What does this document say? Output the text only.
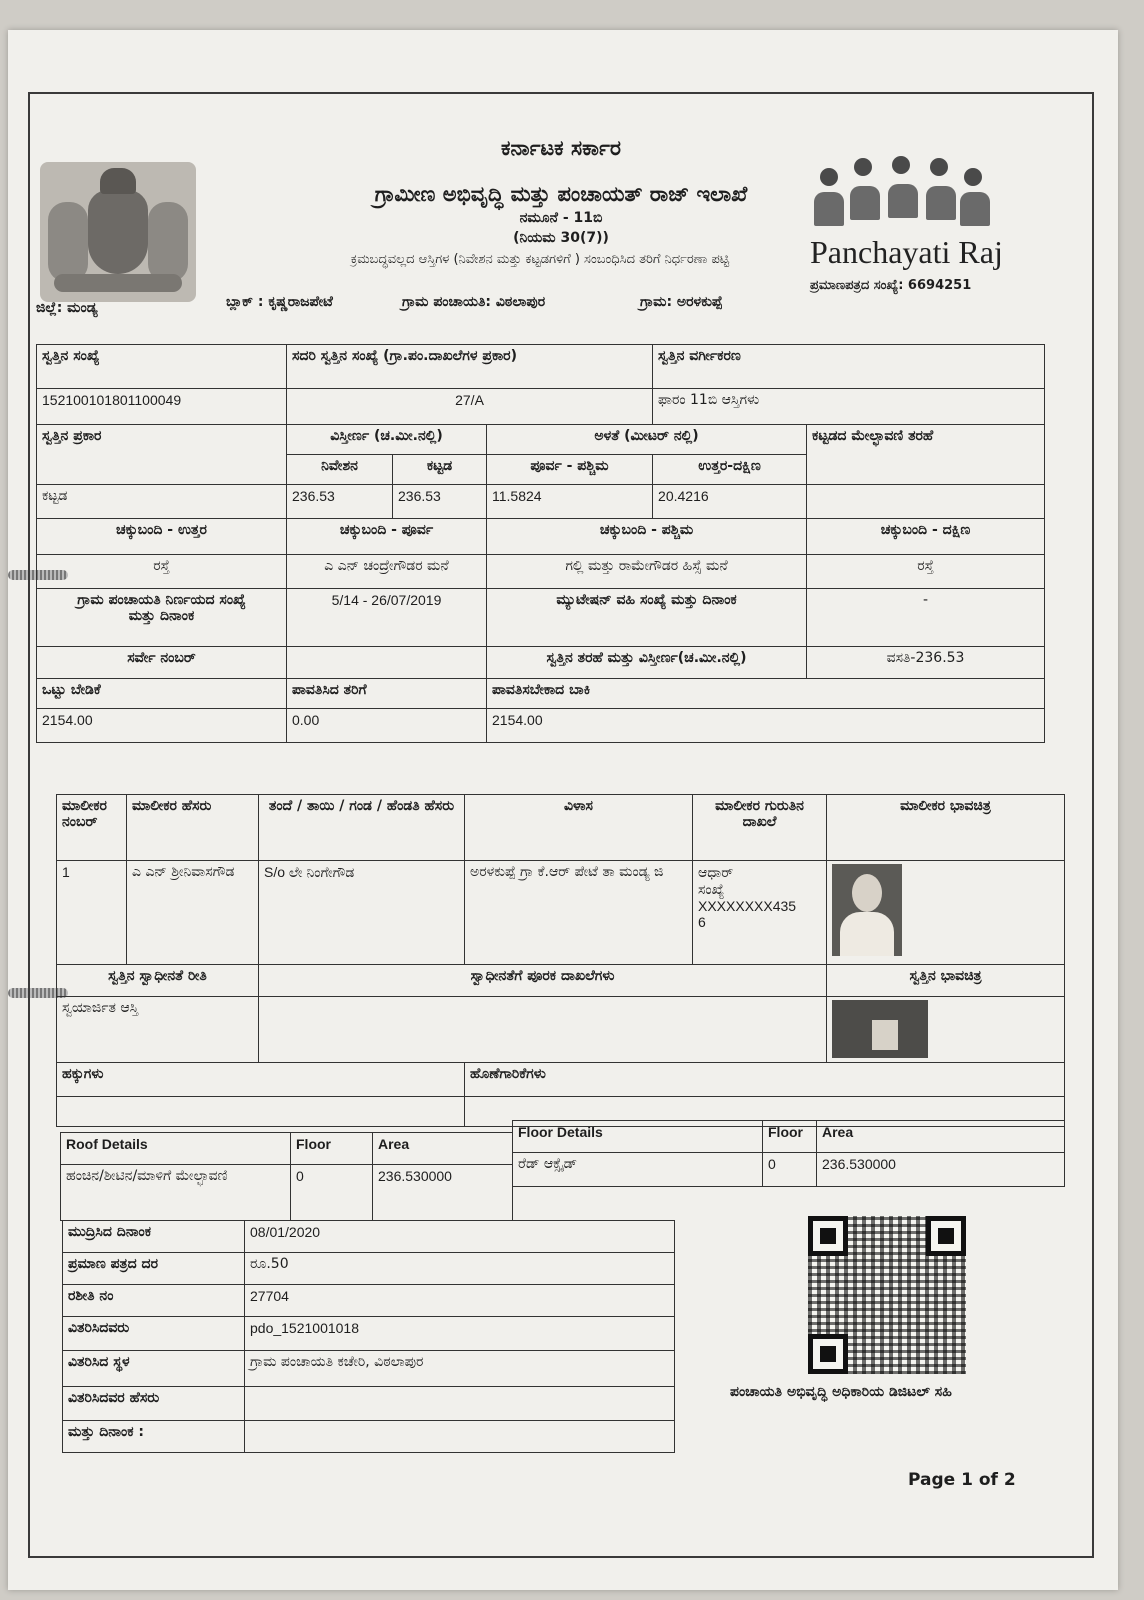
ಕರ್ನಾಟಕ ಸರ್ಕಾರ
ಗ್ರಾಮೀಣ ಅಭಿವೃದ್ಧಿ ಮತ್ತು ಪಂಚಾಯತ್ ರಾಜ್ ಇಲಾಖೆ
ನಮೂನೆ - 11ಬಿ
(ನಿಯಮ 30(7))
ಕ್ರಮಬದ್ಧವಲ್ಲದ ಆಸ್ತಿಗಳ (ನಿವೇಶನ ಮತ್ತು ಕಟ್ಟಡಗಳಿಗೆ ) ಸಂಬಂಧಿಸಿದ ತರಿಗೆ ನಿರ್ಧರಣಾ ಪಟ್ಟಿ	Panchayati Raj
ಪ್ರಮಾಣಪತ್ರದ ಸಂಖ್ಯೆ: 6694251
ಜಿಲ್ಲೆ: ಮಂಡ್ಯ	ಬ್ಲಾಕ್ : ಕೃಷ್ಣರಾಜಪೇಟೆ	ಗ್ರಾಮ ಪಂಚಾಯತಿ: ವಿಠಲಾಪುರ	ಗ್ರಾಮ: ಅರಳಕುಪ್ಪೆ
ಸ್ವತ್ತಿನ ಸಂಖ್ಯೆ	ಸದರಿ ಸ್ವತ್ತಿನ ಸಂಖ್ಯೆ (ಗ್ರಾ.ಪಂ.ದಾಖಲೆಗಳ ಪ್ರಕಾರ)			ಸ್ವತ್ತಿನ ವರ್ಗೀಕರಣ	
152100101801100049	27/A			ಫಾರಂ 11ಬಿ ಆಸ್ತಿಗಳು	
ಸ್ವತ್ತಿನ ಪ್ರಕಾರ	ವಿಸ್ತೀರ್ಣ (ಚ.ಮೀ.ನಲ್ಲಿ)		ಅಳತೆ (ಮೀಟರ್ ನಲ್ಲಿ)		ಕಟ್ಟಡದ ಮೇಲ್ಛಾವಣಿ ತರಹೆ
	ನಿವೇಶನ	ಕಟ್ಟಡ	ಪೂರ್ವ - ಪಶ್ಚಿಮ	ಉತ್ತರ-ದಕ್ಷಿಣ	
ಕಟ್ಟಡ	236.53	236.53	11.5824	20.4216	
ಚಕ್ಕುಬಂದಿ - ಉತ್ತರ	ಚಕ್ಕುಬಂದಿ - ಪೂರ್ವ		ಚಕ್ಕುಬಂದಿ - ಪಶ್ಚಿಮ		ಚಕ್ಕುಬಂದಿ - ದಕ್ಷಿಣ
ರಸ್ತೆ	ಎ ಎನ್ ಚಂದ್ರೇಗೌಡರ ಮನೆ		ಗಲ್ಲಿ ಮತ್ತು ರಾಮೇಗೌಡರ ಹಿಸ್ಸೆ ಮನೆ		ರಸ್ತೆ

ಗ್ರಾಮ ಪಂಚಾಯತಿ ನಿರ್ಣಯದ ಸಂಖ್ಯೆ
ಮತ್ತು ದಿನಾಂಕ	5/14 - 26/07/2019		ಮ್ಯುಟೇಷನ್ ವಹಿ ಸಂಖ್ಯೆ ಮತ್ತು ದಿನಾಂಕ		-
ಸರ್ವೇ ನಂಬರ್			ಸ್ವತ್ತಿನ ತರಹೆ ಮತ್ತು ವಿಸ್ತೀರ್ಣ(ಚ.ಮೀ.ನಲ್ಲಿ)		ವಸತಿ-236.53
ಒಟ್ಟು ಬೇಡಿಕೆ	ಪಾವತಿಸಿದ ತರಿಗೆ		ಪಾವತಿಸಬೇಕಾದ ಬಾಕಿ		
2154.00	0.00		2154.00		
ಮಾಲೀಕರ ನಂಬರ್	ಮಾಲೀಕರ ಹೆಸರು	ತಂದೆ / ತಾಯಿ / ಗಂಡ / ಹೆಂಡತಿ ಹೆಸರು	ವಿಳಾಸ	ಮಾಲೀಕರ ಗುರುತಿನ ದಾಖಲೆ	ಮಾಲೀಕರ ಭಾವಚಿತ್ರ
1	ಎ ಎನ್ ಶ್ರೀನಿವಾಸಗೌಡ	S/o ಲೇ ನಿಂಗೇಗೌಡ	ಅರಳಕುಪ್ಪೆ ಗ್ರಾ ಕೆ.ಆರ್ ಪೇಟೆ ತಾ ಮಂಡ್ಯ ಜಿ	ಆಧಾರ್
ಸಂಖ್ಯೆ
XXXXXXXX435
6	

ಸ್ವತ್ತಿನ ಸ್ವಾಧೀನತೆ ರೀತಿ		ಸ್ವಾಧೀನತೆಗೆ ಪೂರಕ ದಾಖಲೆಗಳು			ಸ್ವತ್ತಿನ ಭಾವಚಿತ್ರ
ಸ್ವಯಾರ್ಜಿತ ಆಸ್ತಿ					

ಹಕ್ಕುಗಳು			ಹೊಣೆಗಾರಿಕೆಗಳು		

Roof Details	Floor	Area
ಹಂಚಿನ/ಶೀಟಿನ/ಮಾಳಿಗೆ ಮೇಲ್ಛಾವಣಿ	0	236.530000
Floor Details	Floor	Area
ರೆಡ್ ಆಕ್ಸೈಡ್	0	236.530000
ಮುದ್ರಿಸಿದ ದಿನಾಂಕ	08/01/2020
ಪ್ರಮಾಣ ಪತ್ರದ ದರ	ರೂ.50
ರಶೀತಿ ನಂ	27704
ವಿತರಿಸಿದವರು	pdo_1521001018
ವಿತರಿಸಿದ ಸ್ಥಳ	ಗ್ರಾಮ ಪಂಚಾಯತಿ ಕಚೇರಿ, ವಿಠಲಾಪುರ
ವಿತರಿಸಿದವರ ಹೆಸರು	
ಮತ್ತು ದಿನಾಂಕ :	
ಪಂಚಾಯತಿ ಅಭಿವೃದ್ಧಿ ಅಧಿಕಾರಿಯ ಡಿಜಿಟಲ್ ಸಹಿ
Page 1 of 2
